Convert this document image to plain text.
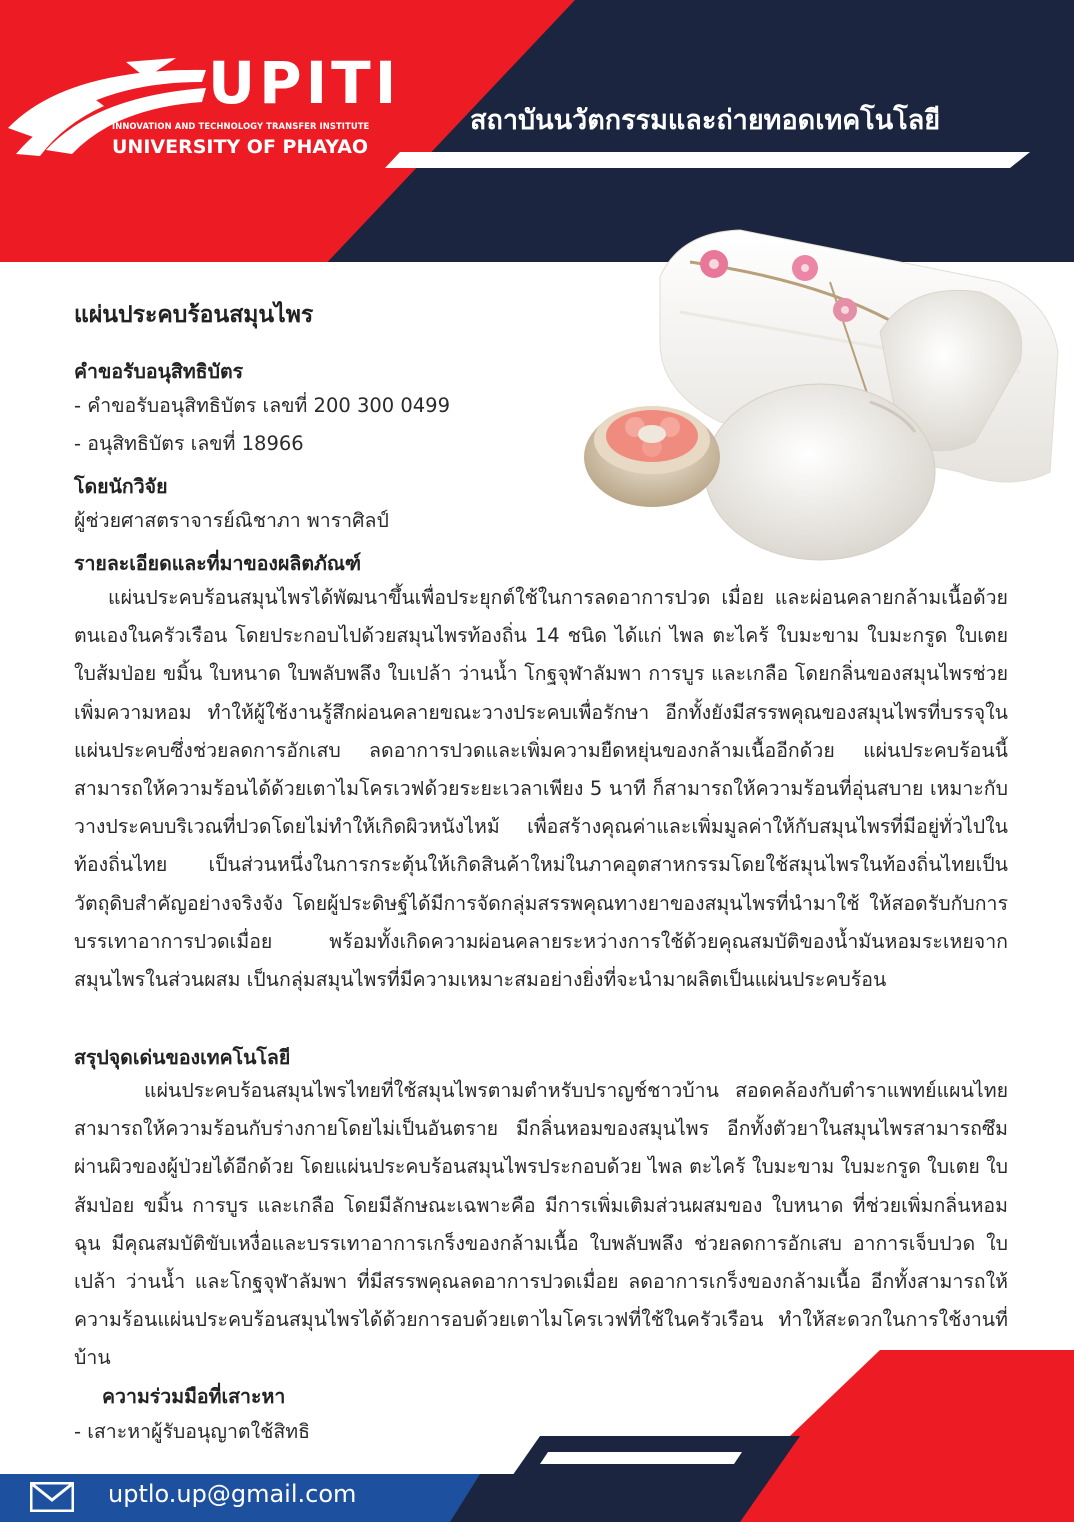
UPITI
INNOVATION AND TECHNOLOGY TRANSFER INSTITUTE
UNIVERSITY OF PHAYAO
สถาบันนวัตกรรมและถ่ายทอดเทคโนโลยี
แผ่นประคบร้อนสมุนไพร
คำขอรับอนุสิทธิบัตร
- คำขอรับอนุสิทธิบัตร เลขที่ 200 300 0499
- อนุสิทธิบัตร เลขที่ 18966
โดยนักวิจัย
ผู้ช่วยศาสตราจารย์ณิชาภา พาราศิลป์
รายละเอียดและที่มาของผลิตภัณฑ์
แผ่นประคบร้อนสมุนไพรได้พัฒนาขึ้นเพื่อประยุกต์ใช้ในการลดอาการปวด เมื่อย และผ่อนคลายกล้ามเนื้อด้วยตนเองในครัวเรือน โดยประกอบไปด้วยสมุนไพรท้องถิ่น 14 ชนิด ได้แก่ ไพล ตะไคร้ ใบมะขาม ใบมะกรูด ใบเตย ใบส้มป่อย ขมิ้น ใบหนาด ใบพลับพลึง ใบเปล้า ว่านน้ำ โกฐจุฬาลัมพา การบูร และเกลือ โดยกลิ่นของสมุนไพรช่วยเพิ่มความหอม ทำให้ผู้ใช้งานรู้สึกผ่อนคลายขณะวางประคบเพื่อรักษา อีกทั้งยังมีสรรพคุณของสมุนไพรที่บรรจุในแผ่นประคบซึ่งช่วยลดการอักเสบ ลดอาการปวดและเพิ่มความยืดหยุ่นของกล้ามเนื้ออีกด้วย แผ่นประคบร้อนนี้สามารถให้ความร้อนได้ด้วยเตาไมโครเวฟด้วยระยะเวลาเพียง 5 นาที ก็สามารถให้ความร้อนที่อุ่นสบาย เหมาะกับวางประคบบริเวณที่ปวดโดยไม่ทำให้เกิดผิวหนังไหม้ เพื่อสร้างคุณค่าและเพิ่มมูลค่าให้กับสมุนไพรที่มีอยู่ทั่วไปในท้องถิ่นไทย เป็นส่วนหนึ่งในการกระตุ้นให้เกิดสินค้าใหม่ในภาคอุตสาหกรรมโดยใช้สมุนไพรในท้องถิ่นไทยเป็นวัตถุดิบสำคัญอย่างจริงจัง โดยผู้ประดิษฐ์ได้มีการจัดกลุ่มสรรพคุณทางยาของสมุนไพรที่นำมาใช้ ให้สอดรับกับการบรรเทาอาการปวดเมื่อย พร้อมทั้งเกิดความผ่อนคลายระหว่างการใช้ด้วยคุณสมบัติของน้ำมันหอมระเหยจากสมุนไพรในส่วนผสม เป็นกลุ่มสมุนไพรที่มีความเหมาะสมอย่างยิ่งที่จะนำมาผลิตเป็นแผ่นประคบร้อน
สรุปจุดเด่นของเทคโนโลยี
แผ่นประคบร้อนสมุนไพรไทยที่ใช้สมุนไพรตามตำหรับปราญช์ชาวบ้าน สอดคล้องกับตำราแพทย์แผนไทย สามารถให้ความร้อนกับร่างกายโดยไม่เป็นอันตราย มีกลิ่นหอมของสมุนไพร อีกทั้งตัวยาในสมุนไพรสามารถซึมผ่านผิวของผู้ป่วยได้อีกด้วย โดยแผ่นประคบร้อนสมุนไพรประกอบด้วย ไพล ตะไคร้ ใบมะขาม ใบมะกรูด ใบเตย ใบส้มป่อย ขมิ้น การบูร และเกลือ โดยมีลักษณะเฉพาะคือ มีการเพิ่มเติมส่วนผสมของ ใบหนาด ที่ช่วยเพิ่มกลิ่นหอมฉุน มีคุณสมบัติขับเหงื่อและบรรเทาอาการเกร็งของกล้ามเนื้อ ใบพลับพลึง ช่วยลดการอักเสบ อาการเจ็บปวด ใบเปล้า ว่านน้ำ และโกฐจุฬาลัมพา ที่มีสรรพคุณลดอาการปวดเมื่อย ลดอาการเกร็งของกล้ามเนื้อ อีกทั้งสามารถให้ความร้อนแผ่นประคบร้อนสมุนไพรได้ด้วยการอบด้วยเตาไมโครเวฟที่ใช้ในครัวเรือน ทำให้สะดวกในการใช้งานที่บ้าน
ความร่วมมือที่เสาะหา
- เสาะหาผู้รับอนุญาตใช้สิทธิ
uptlo.up@gmail.com
